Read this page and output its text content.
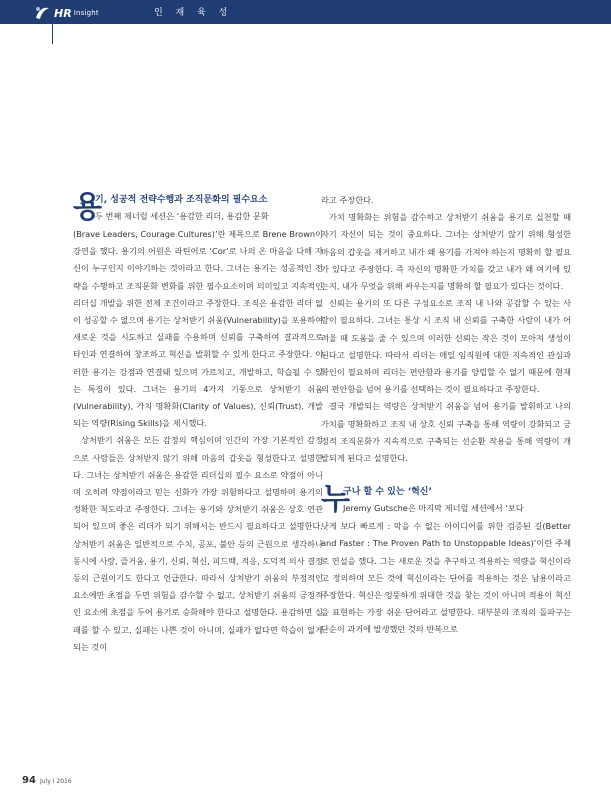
HR Insight	인 재 육 성
용
기, 성공적 전략수행과 조직문화의 필수요소
두 번째 제너럴 세션은 ‘용감한 리더, 용감한 문화

(Brave Leaders, Courage Cultures)’란 제목으로 Brene Brown이 강연을 했다. 용기의 어원은 라틴어로 ‘Cor’로 나의 온 마음을 다해 자신이 누구인지 이야기하는 것이라고 한다. 그녀는 용기는 성공적인 전략을 수행하고 조직문화 변화를 위한 필수요소이며 의미있고 지속적인 리더십 개발을 위한 전제 조건이라고 주장한다. 조직은 용감한 리더 없이 성공할 수 없으며 용기는 상처받기 쉬움(Vulnerability)을 포용하여 새로운 것을 시도하고 실패를 수용하며 신뢰를 구축하여 결과적으로 타인과 연결하여 창조하고 혁신을 발휘할 수 있게 한다고 주장한다. 이러한 용기는 강점과 연결돼 있으며 가르치고, 개발하고, 학습될 수 있는 특징이 있다. 그녀는 용기의 4가지 기둥으로 상처받기 쉬움(Vulnerability), 가치 명확화(Clarity of Values), 신뢰(Trust), 개발되는 역량(Rising Skills)을 제시했다.

상처받기 쉬움은 모든 감정의 핵심이며 인간의 가장 기본적인 감정으로 사람들은 상처받지 않기 위해 마음의 갑옷을 형성한다고 설명한다. 그녀는 상처받기 쉬움은 용감한 리더십의 필수 요소로 약점이 아니며 오히려 약점이라고 믿는 신화가 가장 위험하다고 설명하며 용기의 정확한 척도라고 주장한다. 그녀는 용기와 상처받기 쉬움은 상호 연관되어 있으며 좋은 리더가 되기 위해서는 반드시 필요하다고 설명한다. 상처받기 쉬움은 일반적으로 수치, 공포, 불안 등의 근원으로 생각하나 동시에 사랑, 즐거움, 용기, 신뢰, 혁신, 피드백, 적응, 도덕적 의사 결정 등의 근원이기도 한다고 언급한다. 따라서 상처받기 쉬움의 부정적인 요소에만 초점을 두면 위험을 감수할 수 없고, 상처받기 쉬움의 긍정적인 요소에 초점을 두어 용기로 승화해야 한다고 설명한다. 용감하면 실패를 할 수 있고, 실패는 나쁜 것이 아니며, 실패가 없다면 학습이 없게 되는 것이

라고 주장한다.

가치 명확화는 위험을 감수하고 상처받기 쉬움을 용기로 실천할 때 자기 자신이 되는 것이 중요하다. 그녀는 상처받기 않기 위해 형성한 마음의 갑옷을 제거하고 내가 왜 용기를 가져야 하는지 명확히 할 필요가 있다고 주장한다. 즉 자신의 명확한 가치를 갖고 내가 왜 여기에 있는지, 내가 무엇을 위해 싸우는지를 명확히 할 필요가 있다는 것이다.

신뢰는 용기의 또 다른 구성요소로 조직 내 나와 공감할 수 있는 사람이 필요하다. 그녀는 통상 시 조직 내 신뢰를 구축한 사람이 내가 어려울 때 도움을 줄 수 있으며 이러한 신뢰는 작은 것이 모아져 생성이 된다고 설명한다. 따라서 리더는 매일 임직원에 대한 지속적인 관심과 확인이 필요하며 리더는 편안함과 용기를 양립할 수 없기 때문에 현재의 편안함을 넘어 용기를 선택하는 것이 필요하다고 주장한다.

결국 개발되는 역량은 상처받기 쉬움을 넘어 용기를 발휘하고 나의 가치를 명확화하고 조직 내 상호 신뢰 구축을 통해 역량이 강화되고 긍정적 조직문화가 지속적으로 구축되는 선순환 작용을 통해 역량이 개발되게 된다고 설명한다.

누
구나 할 수 있는 ‘혁신’
Jeremy Gutsche은 마지막 제너럴 세션에서 ‘보다

낫게 보다 빠르게 : 막을 수 없는 아이디어를 위한 검증된 길(Better and Faster : The Proven Path to Unstoppable Ideas)’이란 주제로 연설을 했다. 그는 새로운 것을 추구하고 적용하는 역량을 혁신이라고 정의하며 모든 것에 혁신이라는 단어를 적용하는 것은 남용이라고 주장한다. 혁신은 엉뚱하게 위대한 것을 찾는 것이 아니며 적용이 혁신을 표현하는 가장 쉬운 단어라고 설명한다. 대부분의 조직의 돌파구는 단순이 과거에 발생했던 것의 반복으로

94 July I 2016
